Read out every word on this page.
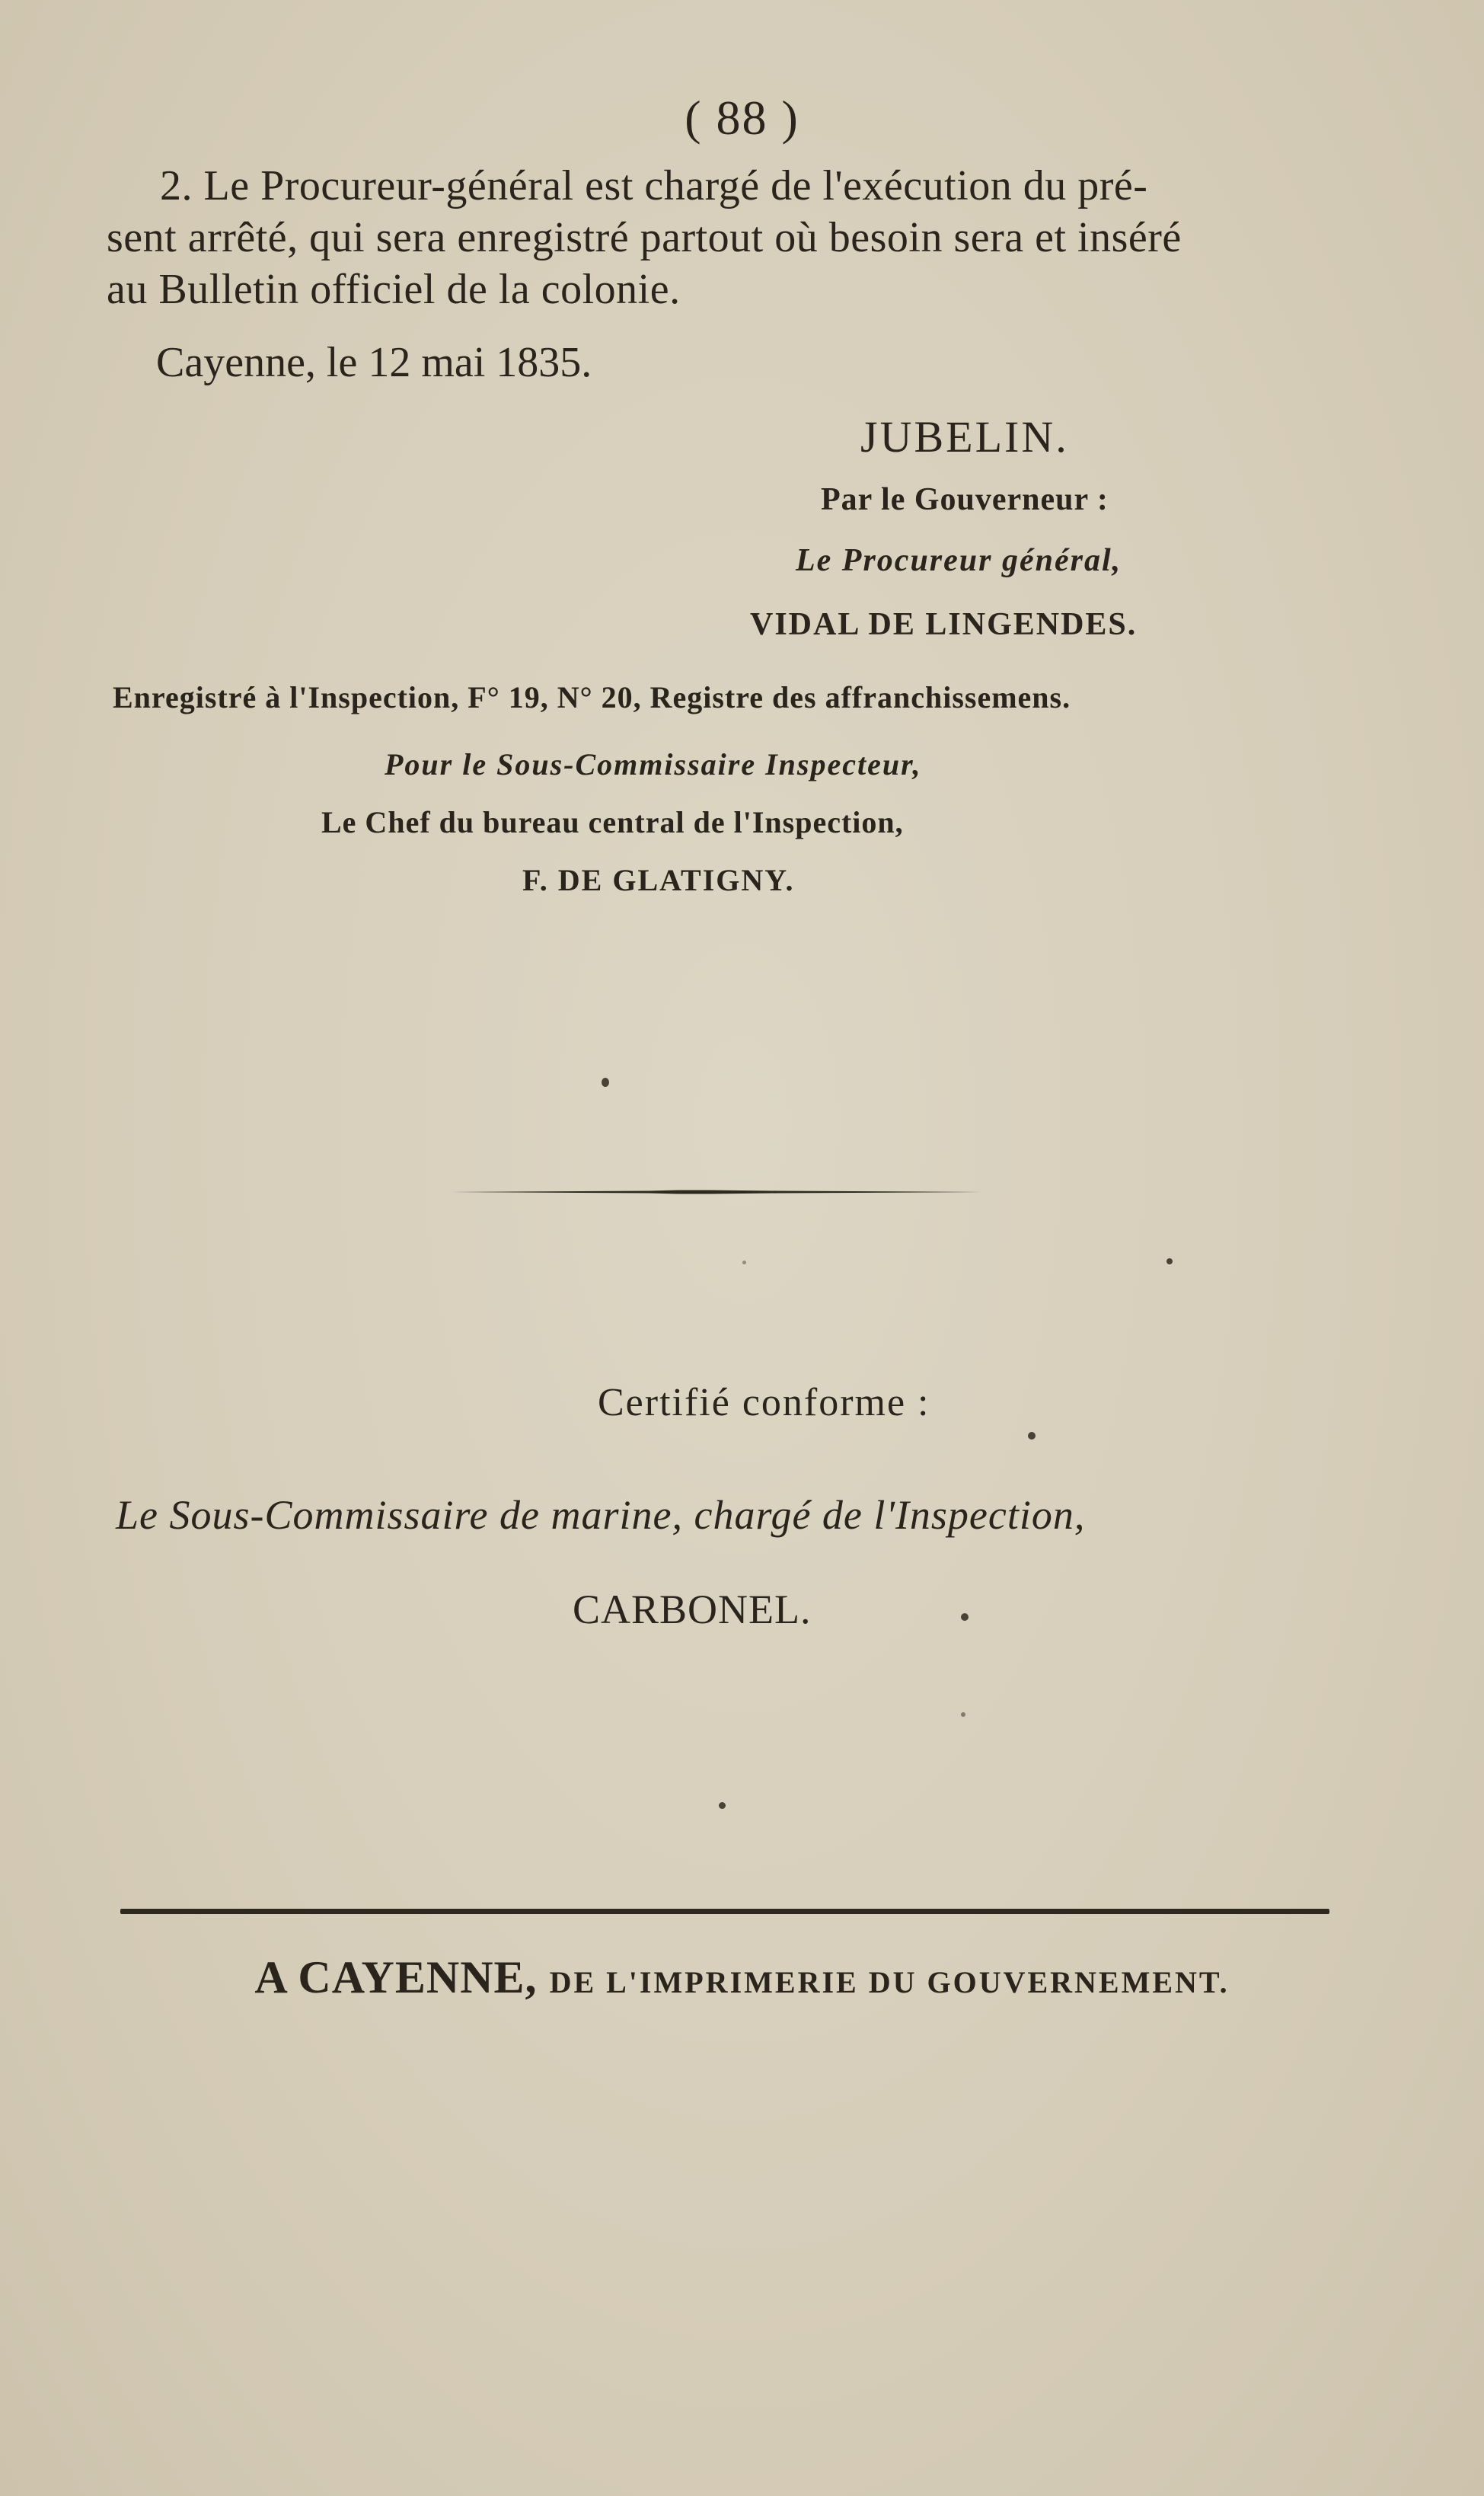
( 88 )
2. Le Procureur-général est chargé de l'exécution du pré-
sent arrêté, qui sera enregistré partout où besoin sera et inséré
au Bulletin officiel de la colonie.
Cayenne, le 12 mai 1835.
JUBELIN.
Par le Gouverneur :
Le Procureur général,
VIDAL DE LINGENDES.
Enregistré à l'Inspection, F° 19, N° 20, Registre des affranchissemens.
Pour le Sous-Commissaire Inspecteur,
Le Chef du bureau central de l'Inspection,
F. DE GLATIGNY.
Certifié conforme :
Le Sous-Commissaire de marine, chargé de l'Inspection,
CARBONEL.
A CAYENNE, DE L'IMPRIMERIE DU GOUVERNEMENT.
